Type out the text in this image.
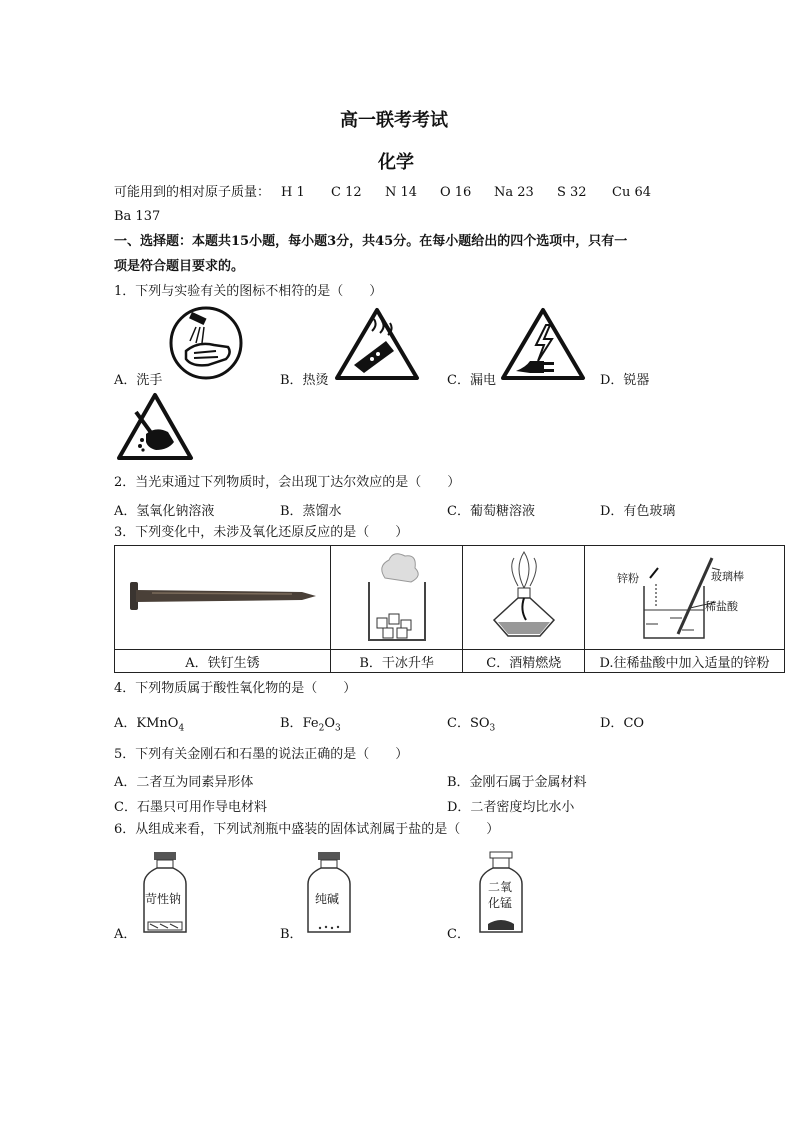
高一联考考试
化学
可能用到的相对原子质量： H 1 C 12 N 14 O 16 Na 23 S 32 Cu 64
Ba 137
一、选择题：本题共15小题，每小题3分，共45分。在每小题给出的四个选项中，只有一
项是符合题目要求的。
1．下列与实验有关的图标不相符的是（　　）
A．洗手	B．热烫	C．漏电	D．锐器
2．当光束通过下列物质时，会出现丁达尔效应的是（　　）
A．氢氧化钠溶液	B．蒸馏水	C．葡萄糖溶液	D．有色玻璃
3．下列变化中，未涉及氧化还原反应的是（　　）

锌粉 玻璃棒
稀盐酸

A．铁钉生锈	B．干冰升华	C．酒精燃烧	D.往稀盐酸中加入适量的锌粉
4．下列物质属于酸性氧化物的是（　　）
A．KMnO$_4$	B．$Fe_2O_3$	C．$SO_3$	D．CO
5．下列有关金刚石和石墨的说法正确的是（　　）
A．二者互为同素异形体	B．金刚石属于金属材料
C．石墨只可用作导电材料	D．二者密度均比水小
6．从组成来看，下列试剂瓶中盛装的固体试剂属于盐的是（　　）
苛性钠	纯碱
二氧
化锰
A．	B．	C．
